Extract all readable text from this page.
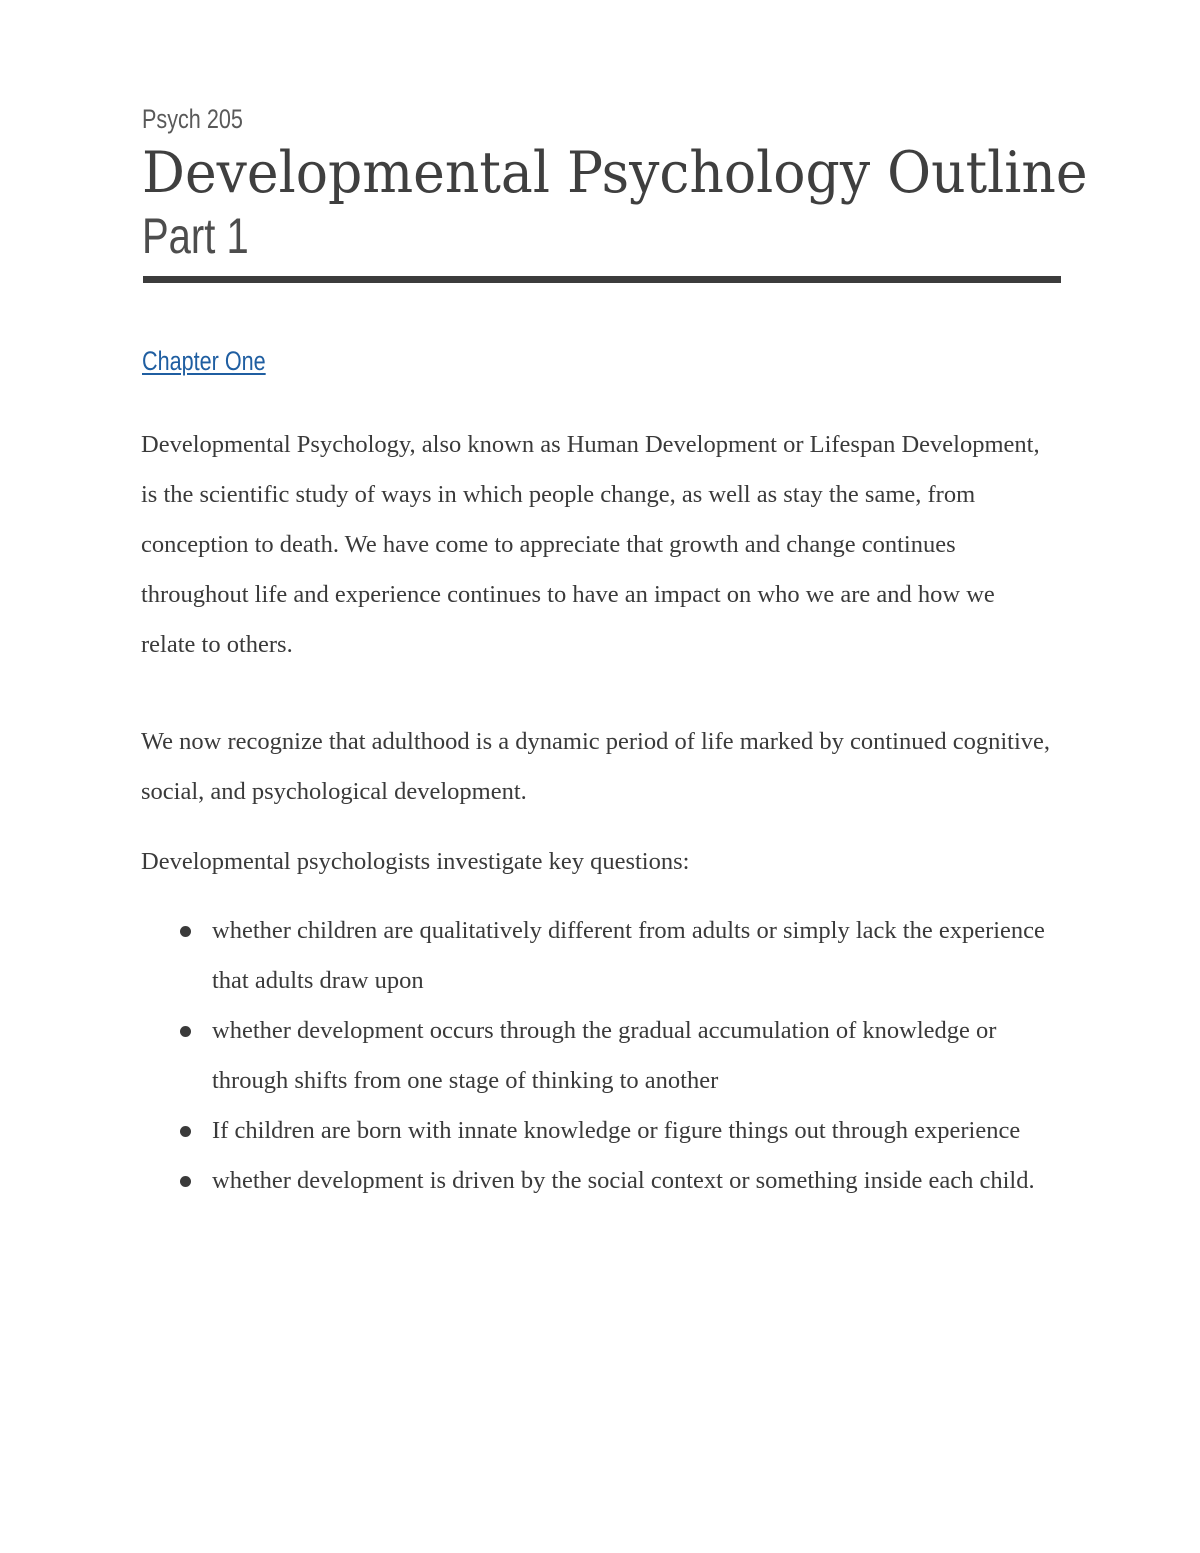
Psych 205
Developmental Psychology Outline
Part 1
Chapter One

Developmental Psychology, also known as Human Development or Lifespan Development, is the scientific study of ways in which people change, as well as stay the same, from conception to death. We have come to appreciate that growth and change continues throughout life and experience continues to have an impact on who we are and how we relate to others.

We now recognize that adulthood is a dynamic period of life marked by continued cognitive, social, and psychological development.

Developmental psychologists investigate key questions:

whether children are qualitatively different from adults or simply lack the experience that adults draw upon
whether development occurs through the gradual accumulation of knowledge or through shifts from one stage of thinking to another
If children are born with innate knowledge or figure things out through experience
whether development is driven by the social context or something inside each child.
